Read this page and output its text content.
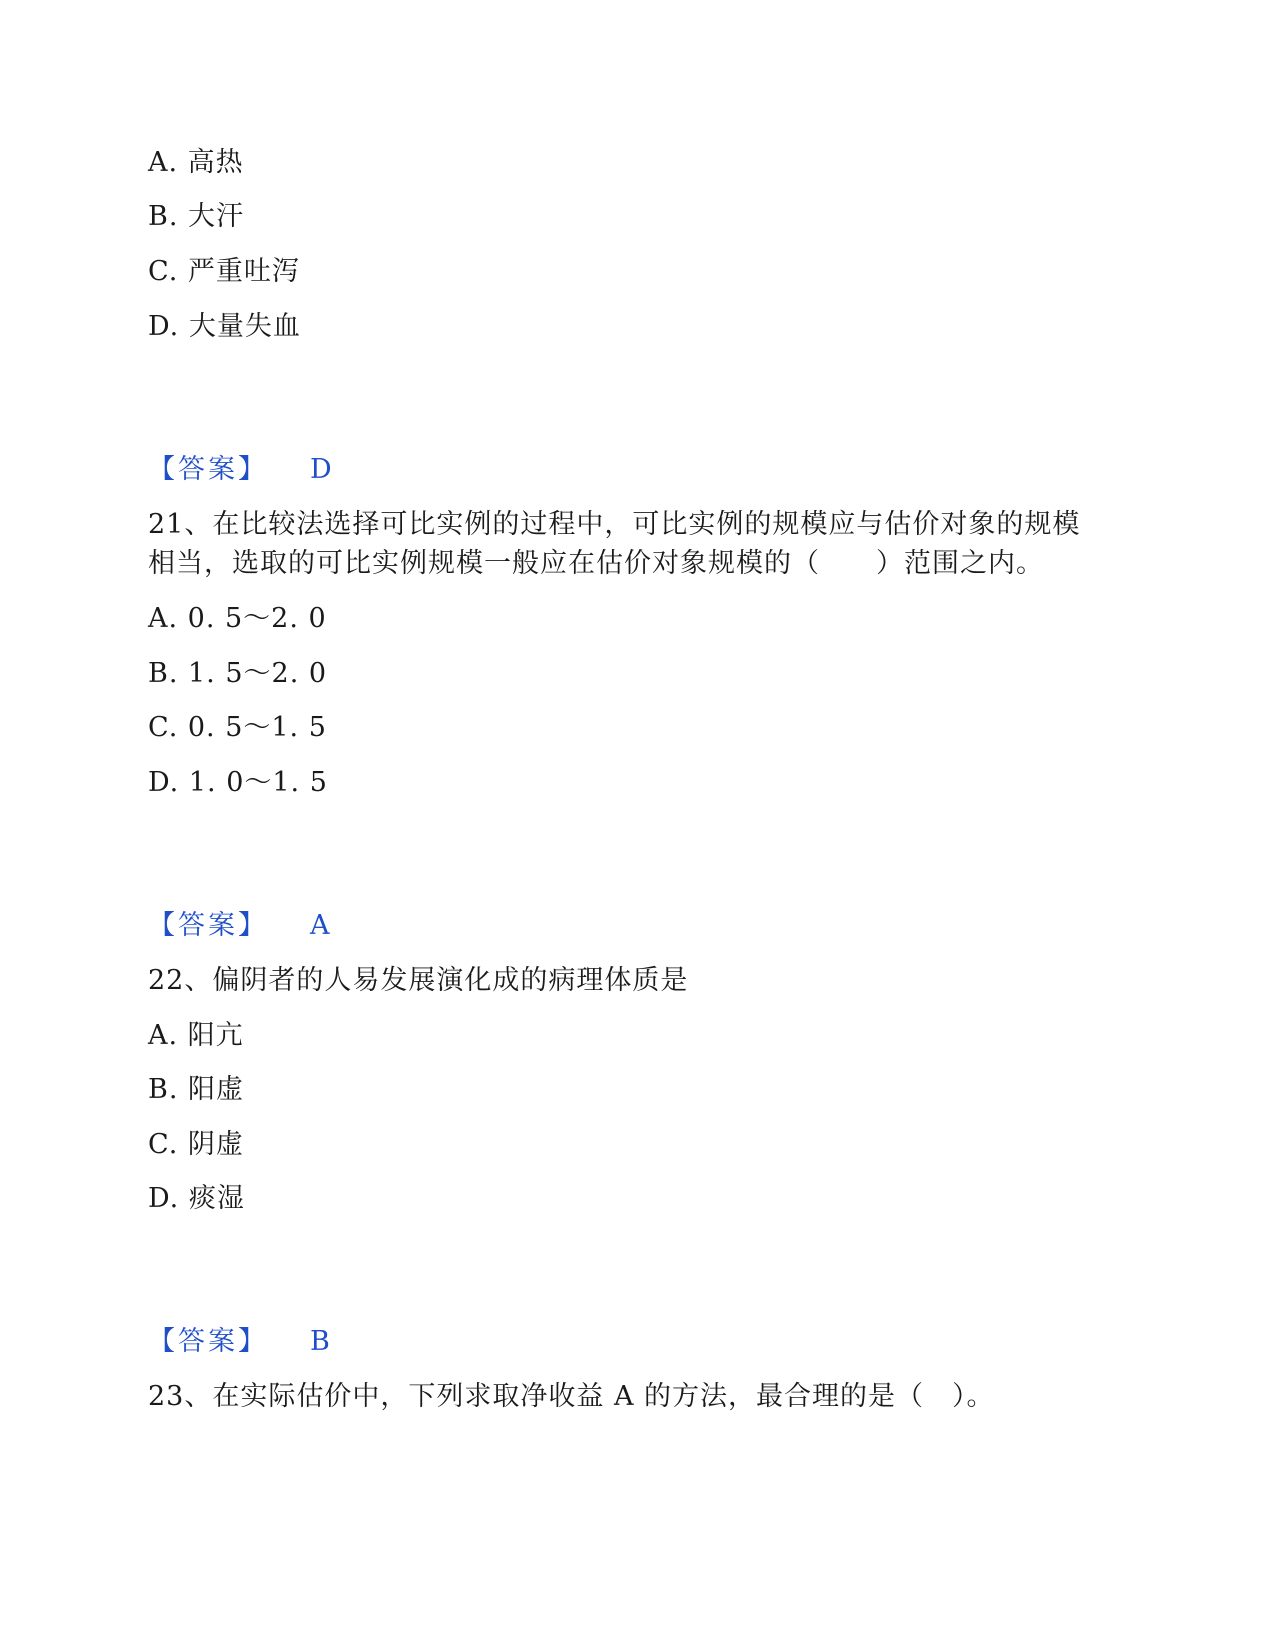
A. 高热
B. 大汗
C. 严重吐泻
D. 大量失血
【答案】 D
21、在比较法选择可比实例的过程中，可比实例的规模应与估价对象的规模
相当，选取的可比实例规模一般应在估价对象规模的（　　）范围之内。
A. 0. 5～2. 0
B. 1. 5～2. 0
C. 0. 5～1. 5
D. 1. 0～1. 5
【答案】 A
22、偏阴者的人易发展演化成的病理体质是
A. 阳亢
B. 阳虚
C. 阴虚
D. 痰湿
【答案】 B
23、在实际估价中，下列求取净收益 A 的方法，最合理的是（　）。
